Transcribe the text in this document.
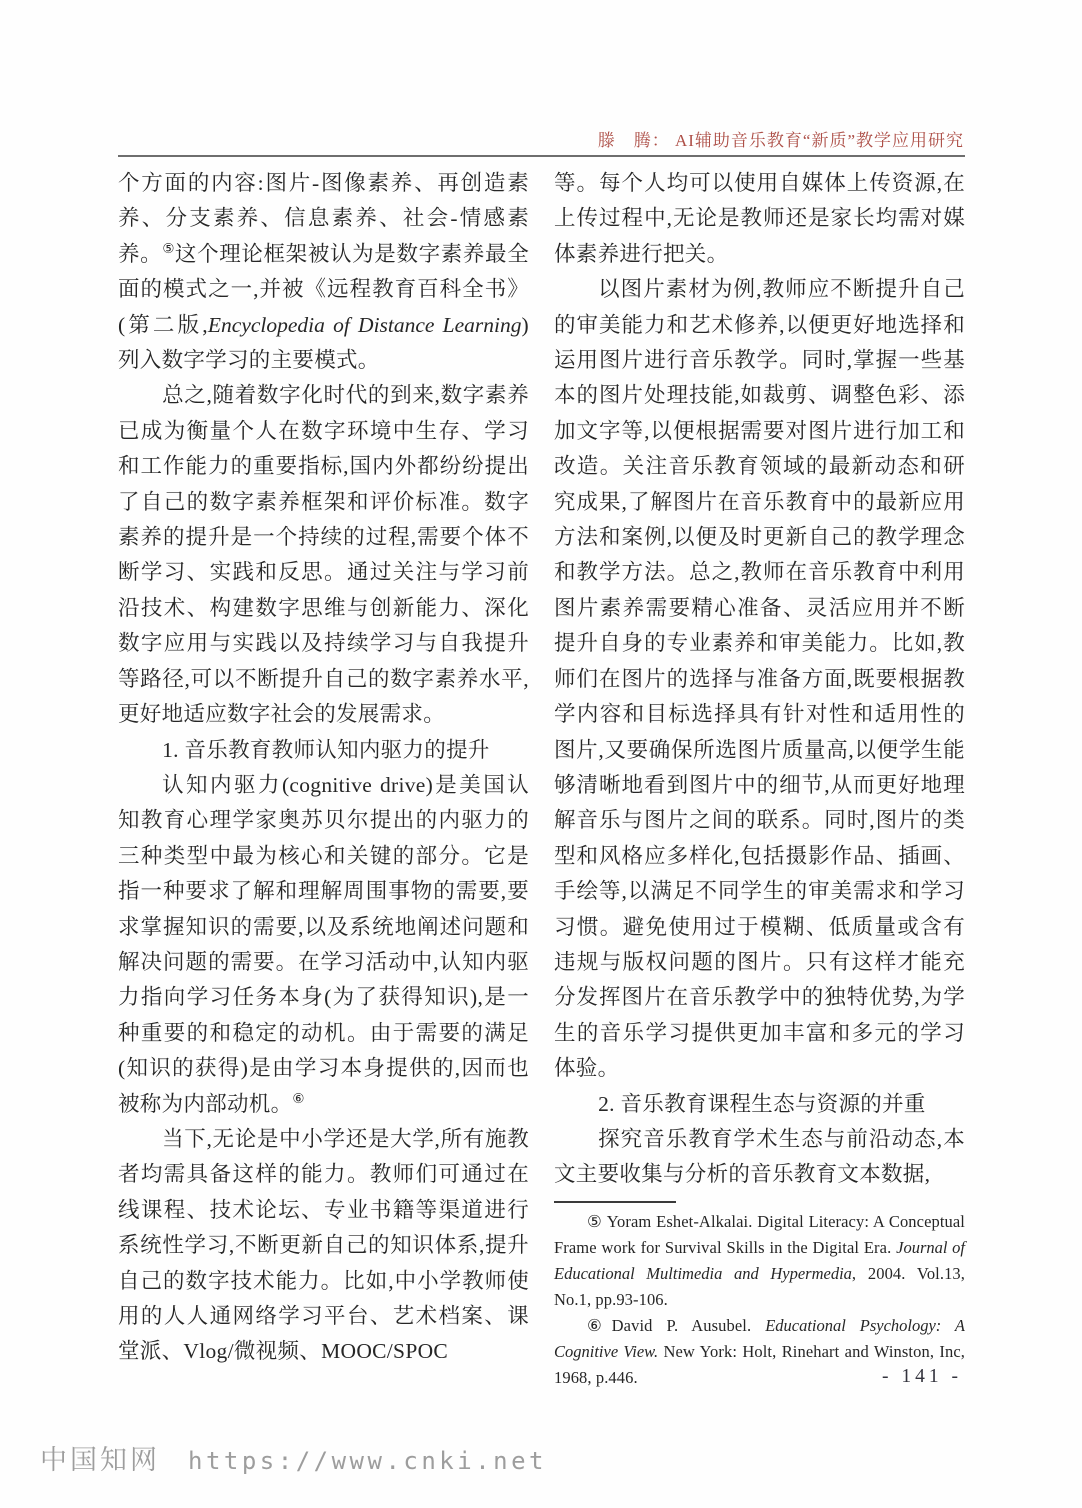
滕　腾： AI辅助音乐教育“新质”教学应用研究

个方面的内容:图片-图像素养、再创造素养、分支素养、信息素养、社会-情感素养。⑤这个理论框架被认为是数字素养最全面的模式之一,并被《远程教育百科全书》(第二版,Encyclopedia of Distance Learning)列入数字学习的主要模式。

总之,随着数字化时代的到来,数字素养已成为衡量个人在数字环境中生存、学习和工作能力的重要指标,国内外都纷纷提出了自己的数字素养框架和评价标准。数字素养的提升是一个持续的过程,需要个体不断学习、实践和反思。通过关注与学习前沿技术、构建数字思维与创新能力、深化数字应用与实践以及持续学习与自我提升等路径,可以不断提升自己的数字素养水平,更好地适应数字社会的发展需求。

1. 音乐教育教师认知内驱力的提升

认知内驱力(cognitive drive)是美国认知教育心理学家奥苏贝尔提出的内驱力的三种类型中最为核心和关键的部分。它是指一种要求了解和理解周围事物的需要,要求掌握知识的需要,以及系统地阐述问题和解决问题的需要。在学习活动中,认知内驱力指向学习任务本身(为了获得知识),是一种重要的和稳定的动机。由于需要的满足(知识的获得)是由学习本身提供的,因而也被称为内部动机。⑥

当下,无论是中小学还是大学,所有施教者均需具备这样的能力。教师们可通过在线课程、技术论坛、专业书籍等渠道进行系统性学习,不断更新自己的知识体系,提升自己的数字技术能力。比如,中小学教师使用的人人通网络学习平台、艺术档案、课堂派、Vlog/微视频、MOOC/SPOC

等。每个人均可以使用自媒体上传资源,在上传过程中,无论是教师还是家长均需对媒体素养进行把关。

以图片素材为例,教师应不断提升自己的审美能力和艺术修养,以便更好地选择和运用图片进行音乐教学。同时,掌握一些基本的图片处理技能,如裁剪、调整色彩、添加文字等,以便根据需要对图片进行加工和改造。关注音乐教育领域的最新动态和研究成果,了解图片在音乐教育中的最新应用方法和案例,以便及时更新自己的教学理念和教学方法。总之,教师在音乐教育中利用图片素养需要精心准备、灵活应用并不断提升自身的专业素养和审美能力。比如,教师们在图片的选择与准备方面,既要根据教学内容和目标选择具有针对性和适用性的图片,又要确保所选图片质量高,以便学生能够清晰地看到图片中的细节,从而更好地理解音乐与图片之间的联系。同时,图片的类型和风格应多样化,包括摄影作品、插画、手绘等,以满足不同学生的审美需求和学习习惯。避免使用过于模糊、低质量或含有违规与版权问题的图片。只有这样才能充分发挥图片在音乐教学中的独特优势,为学生的音乐学习提供更加丰富和多元的学习体验。

2. 音乐教育课程生态与资源的并重

探究音乐教育学术生态与前沿动态,本文主要收集与分析的音乐教育文本数据,

⑤ Yoram Eshet-Alkalai. Digital Literacy: A Conceptual Frame work for Survival Skills in the Digital Era. Journal of Educational Multimedia and Hypermedia, 2004. Vol.13, No.1, pp.93-106.

⑥David P. Ausubel. Educational Psychology: A Cognitive View. New York: Holt, Rinehart and Winston, Inc, 1968, p.446.	- 141 -
中国知网 https://www.cnki.net
